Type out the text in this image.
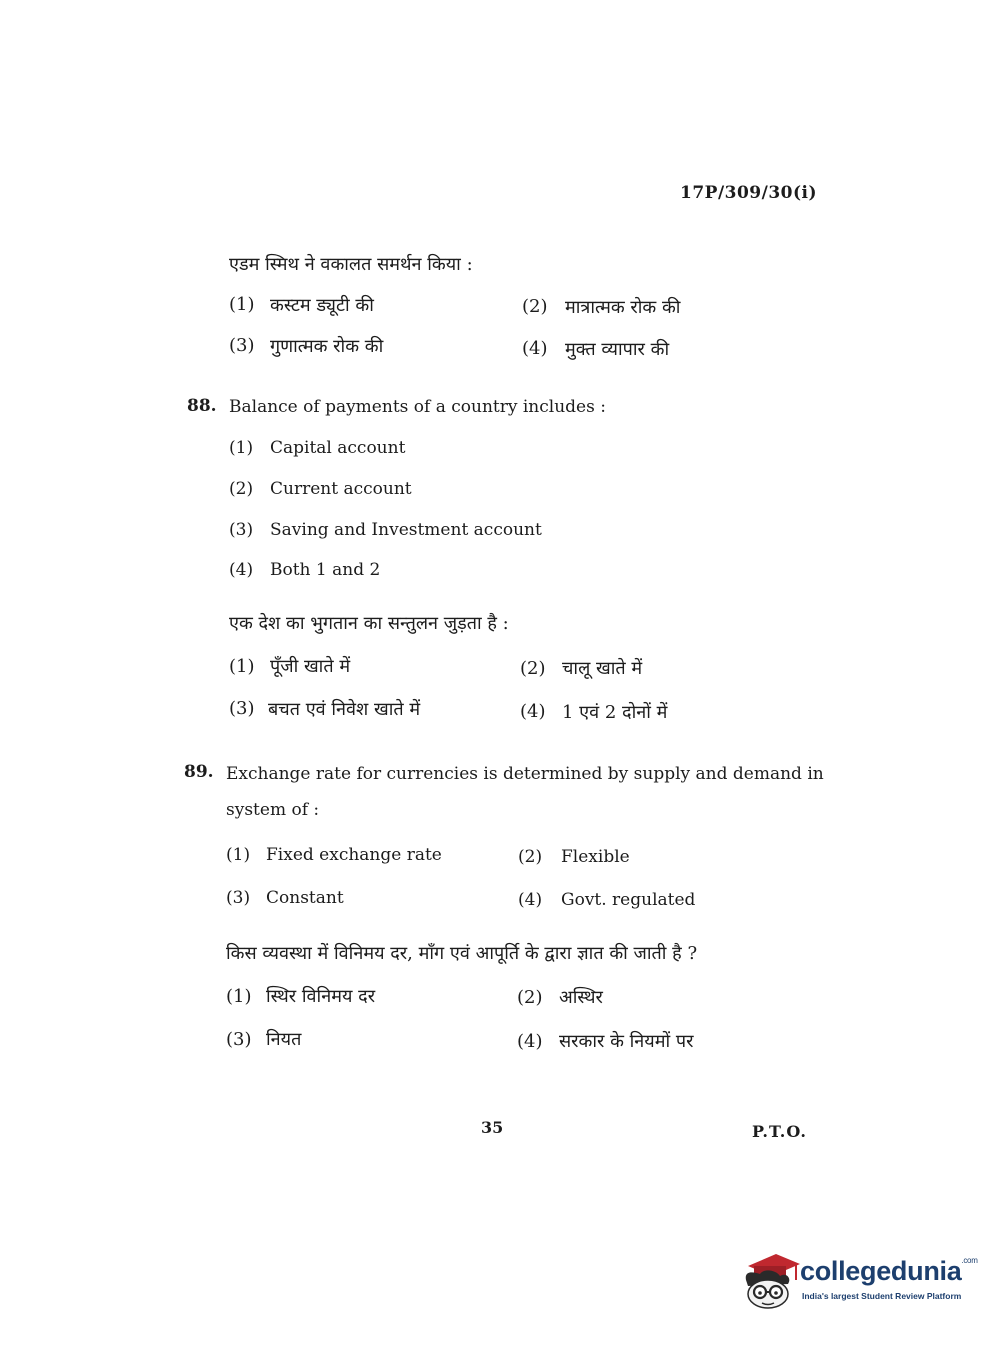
17P/309/30(i)
एडम स्मिथ ने वकालत समर्थन किया :
(1) कस्टम ड्यूटी की	(2) मात्रात्मक रोक की
(3) गुणात्मक रोक की	(4) मुक्त व्यापार की
88. Balance of payments of a country includes :
(1) Capital account
(2) Current account
(3) Saving and Investment account
(4) Both 1 and 2
एक देश का भुगतान का सन्तुलन जुड़ता है :
(1) पूँजी खाते में	(2) चालू खाते में
(3) बचत एवं निवेश खाते में	(4) 1 एवं 2 दोनों में
89. Exchange rate for currencies is determined by supply and demand in
system of :
(1) Fixed exchange rate	(2) Flexible
(3) Constant	(4) Govt. regulated
किस व्यवस्था में विनिमय दर, माँग एवं आपूर्ति के द्वारा ज्ञात की जाती है ?
(1) स्थिर विनिमय दर	(2) अस्थिर
(3) नियत	(4) सरकार के नियमों पर
35	P.T.O.
collegedunia$^{.com}$
India's largest Student Review Platform
